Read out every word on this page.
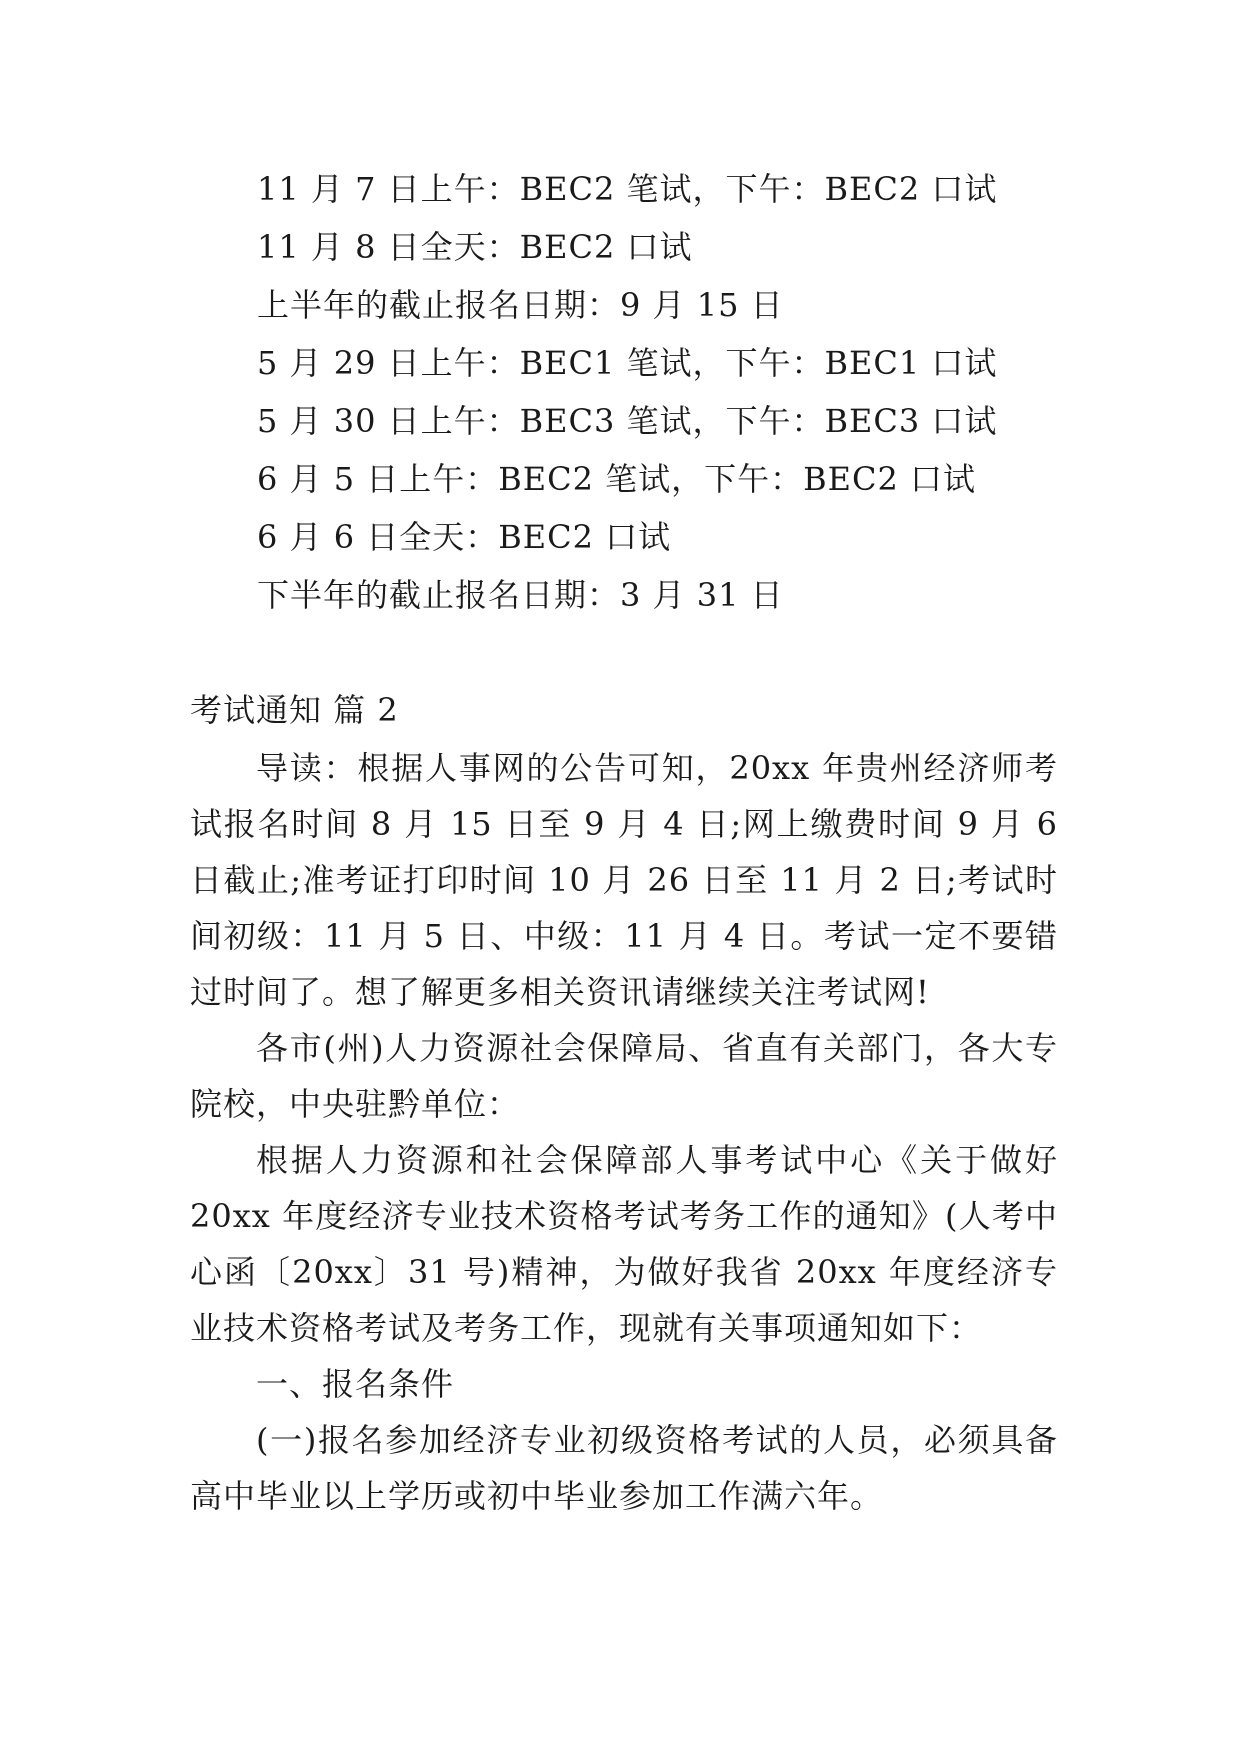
11 月 7 日上午：BEC2 笔试，下午：BEC2 口试
11 月 8 日全天：BEC2 口试
上半年的截止报名日期：9 月 15 日
5 月 29 日上午：BEC1 笔试，下午：BEC1 口试
5 月 30 日上午：BEC3 笔试，下午：BEC3 口试
6 月 5 日上午：BEC2 笔试，下午：BEC2 口试
6 月 6 日全天：BEC2 口试
下半年的截止报名日期：3 月 31 日
考试通知 篇 2

导读：根据人事网的公告可知，20xx 年贵州经济师考试报名时间 8 月 15 日至 9 月 4 日;网上缴费时间 9 月 6 日截止;准考证打印时间 10 月 26 日至 11 月 2 日;考试时间初级：11 月 5 日、中级：11 月 4 日。考试一定不要错过时间了。想了解更多相关资讯请继续关注考试网!

各市(州)人力资源社会保障局、省直有关部门，各大专院校，中央驻黔单位：

根据人力资源和社会保障部人事考试中心《关于做好 20xx 年度经济专业技术资格考试考务工作的通知》(人考中心函〔20xx〕31 号)精神，为做好我省 20xx 年度经济专业技术资格考试及考务工作，现就有关事项通知如下：

一、报名条件

(一)报名参加经济专业初级资格考试的人员，必须具备高中毕业以上学历或初中毕业参加工作满六年。
